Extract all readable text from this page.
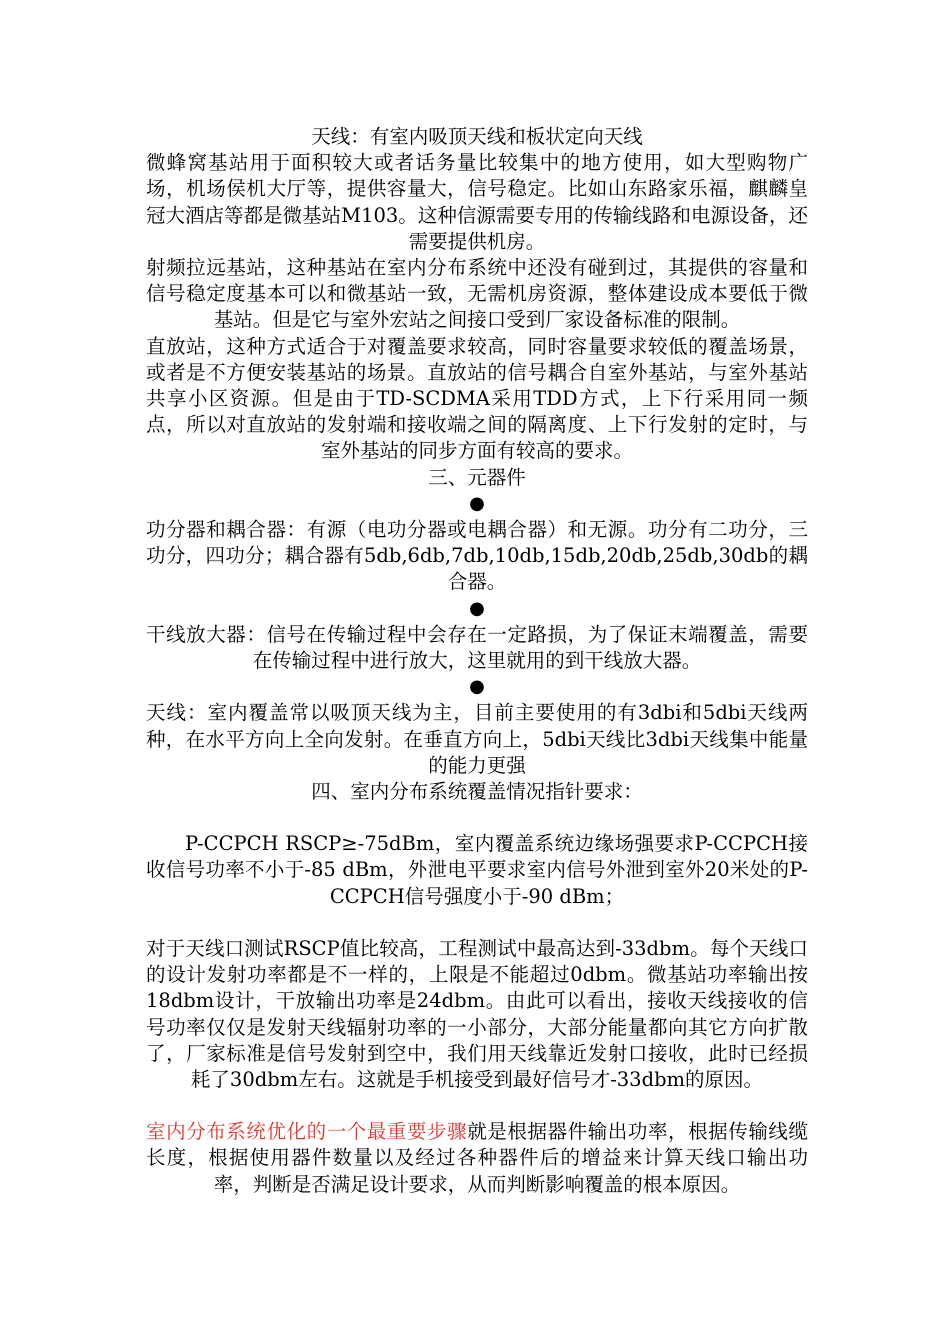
天线：有室内吸顶天线和板状定向天线

微蜂窝基站用于面积较大或者话务量比较集中的地方使用，如大型购物广场，机场侯机大厅等，提供容量大，信号稳定。比如山东路家乐福，麒麟皇冠大酒店等都是微基站M103。这种信源需要专用的传输线路和电源设备，还需要提供机房。

射频拉远基站，这种基站在室内分布系统中还没有碰到过，其提供的容量和信号稳定度基本可以和微基站一致，无需机房资源，整体建设成本要低于微基站。但是它与室外宏站之间接口受到厂家设备标准的限制。

直放站，这种方式适合于对覆盖要求较高，同时容量要求较低的覆盖场景，或者是不方便安装基站的场景。直放站的信号耦合自室外基站，与室外基站共享小区资源。但是由于TD-SCDMA采用TDD方式，上下行采用同一频点，所以对直放站的发射端和接收端之间的隔离度、上下行发射的定时，与室外基站的同步方面有较高的要求。

三、元器件

●

功分器和耦合器：有源（电功分器或电耦合器）和无源。功分有二功分，三功分，四功分；耦合器有5db,6db,7db,10db,15db,20db,25db,30db的耦合器。

●

干线放大器：信号在传输过程中会存在一定路损，为了保证末端覆盖，需要在传输过程中进行放大，这里就用的到干线放大器。

●

天线：室内覆盖常以吸顶天线为主，目前主要使用的有3dbi和5dbi天线两种，在水平方向上全向发射。在垂直方向上，5dbi天线比3dbi天线集中能量的能力更强

四、室内分布系统覆盖情况指针要求：

P-CCPCH RSCP≥-75dBm，室内覆盖系统边缘场强要求P-CCPCH接收信号功率不小于-85 dBm，外泄电平要求室内信号外泄到室外20米处的P-CCPCH信号强度小于-90 dBm；

对于天线口测试RSCP值比较高，工程测试中最高达到-33dbm。每个天线口的设计发射功率都是不一样的，上限是不能超过0dbm。微基站功率输出按18dbm设计，干放输出功率是24dbm。由此可以看出，接收天线接收的信号功率仅仅是发射天线辐射功率的一小部分，大部分能量都向其它方向扩散了，厂家标准是信号发射到空中，我们用天线靠近发射口接收，此时已经损耗了30dbm左右。这就是手机接受到最好信号才-33dbm的原因。

室内分布系统优化的一个最重要步骤就是根据器件输出功率，根据传输线缆长度，根据使用器件数量以及经过各种器件后的增益来计算天线口输出功率，判断是否满足设计要求，从而判断影响覆盖的根本原因。
